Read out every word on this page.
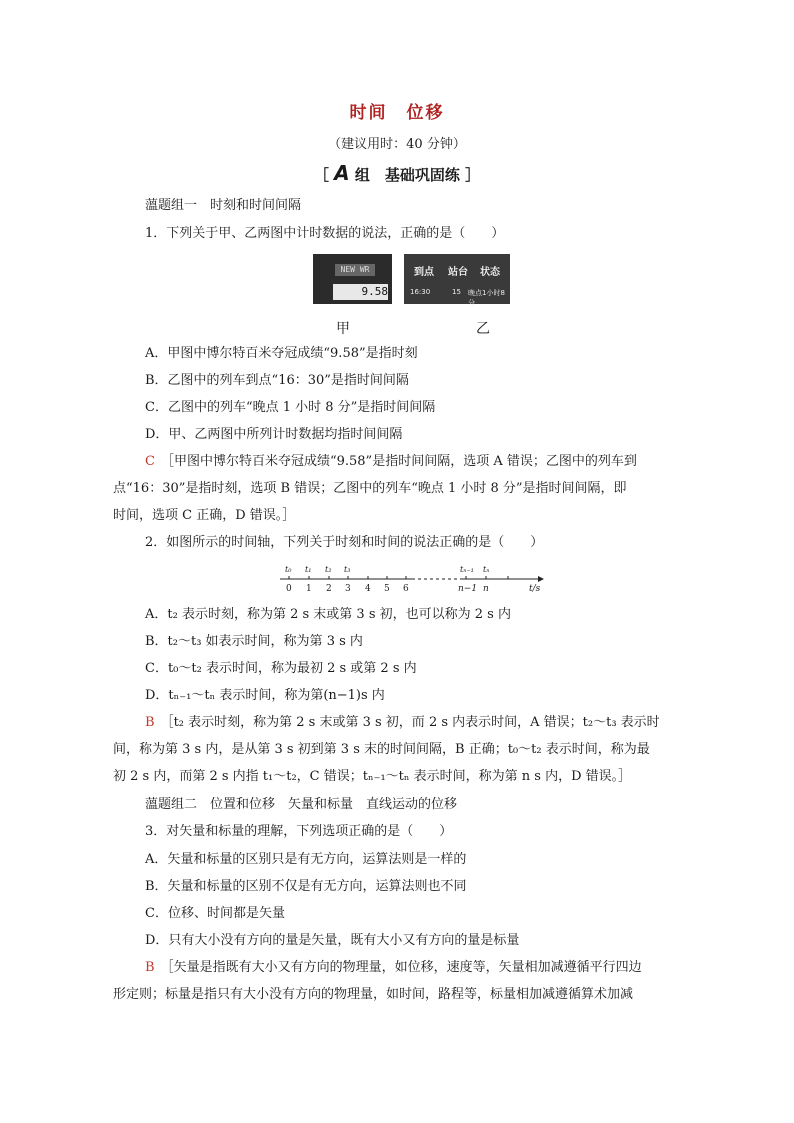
时间　位移
（建议用时：40 分钟）
［ A 组　基础巩固练 ］
薀题组一　时刻和时间间隔
1．下列关于甲、乙两图中计时数据的说法，正确的是（　　）
NEW WR
9.58
到点 站台 状态
16:30	15 晚点1小时8分
甲	乙
A．甲图中博尔特百米夺冠成绩“9.58”是指时刻
B．乙图中的列车到点“16：30”是指时间间隔
C．乙图中的列车“晚点 1 小时 8 分”是指时间间隔
D．甲、乙两图中所列计时数据均指时间间隔
C ［甲图中博尔特百米夺冠成绩“9.58”是指时间间隔，选项 A 错误；乙图中的列车到
点“16：30”是指时刻，选项 B 错误；乙图中的列车“晚点 1 小时 8 分”是指时间间隔，即
时间，选项 C 正确，D 错误。］
2．如图所示的时间轴，下列关于时刻和时间的说法正确的是（　　）
t₀ t₁ t₂ t₃	tₙ₋₁ tₙ
0 1 2 3 4 5 6	n−1 n	t/s
A．t₂ 表示时刻，称为第 2 s 末或第 3 s 初，也可以称为 2 s 内
B．t₂～t₃ 如表示时间，称为第 3 s 内
C．t₀～t₂ 表示时间，称为最初 2 s 或第 2 s 内
D．tₙ₋₁～tₙ 表示时间，称为第(n−1)s 内
B ［t₂ 表示时刻，称为第 2 s 末或第 3 s 初，而 2 s 内表示时间，A 错误；t₂～t₃ 表示时
间，称为第 3 s 内，是从第 3 s 初到第 3 s 末的时间间隔，B 正确；t₀～t₂ 表示时间，称为最
初 2 s 内，而第 2 s 内指 t₁～t₂，C 错误；tₙ₋₁～tₙ 表示时间，称为第 n s 内，D 错误。］
薀题组二　位置和位移　矢量和标量　直线运动的位移
3．对矢量和标量的理解，下列选项正确的是（　　）
A．矢量和标量的区别只是有无方向，运算法则是一样的
B．矢量和标量的区别不仅是有无方向，运算法则也不同
C．位移、时间都是矢量
D．只有大小没有方向的量是矢量，既有大小又有方向的量是标量
B ［矢量是指既有大小又有方向的物理量，如位移，速度等，矢量相加减遵循平行四边
形定则；标量是指只有大小没有方向的物理量，如时间，路程等，标量相加减遵循算术加减
